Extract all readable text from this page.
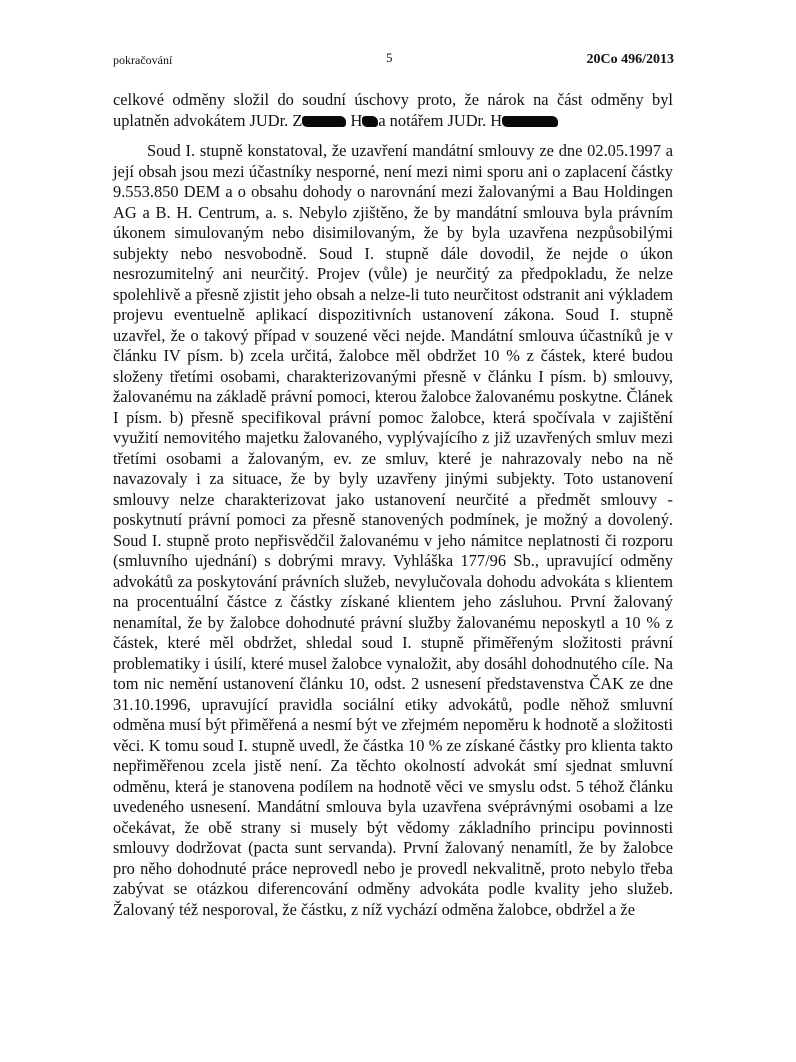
pokračování	5	20Co 496/2013

celkové odměny složil do soudní úschovy proto, že nárok na část odměny byl
uplatněn advokátem JUDr. Z	H a notářem JUDr. H

Soud I. stupně konstatoval, že uzavření mandátní smlouvy ze dne 02.05.1997 a její obsah jsou mezi účastníky nesporné, není mezi nimi sporu ani o zaplacení částky 9.553.850 DEM a o obsahu dohody o narovnání mezi žalovanými a Bau Holdingen AG a B. H. Centrum, a. s. Nebylo zjištěno, že by mandátní smlouva byla právním úkonem simulovaným nebo disimilovaným, že by byla uzavřena nezpůsobilými subjekty nebo nesvobodně. Soud I. stupně dále dovodil, že nejde o úkon nesrozumitelný ani neurčitý. Projev (vůle) je neurčitý za předpokladu, že nelze spolehlivě a přesně zjistit jeho obsah a nelze-li tuto neurčitost odstranit ani výkladem projevu eventuelně aplikací dispozitivních ustanovení zákona. Soud I. stupně uzavřel, že o takový případ v souzené věci nejde. Mandátní smlouva účastníků je v článku IV písm. b) zcela určitá, žalobce měl obdržet 10 % z částek, které budou složeny třetími osobami, charakterizovanými přesně v článku I písm. b) smlouvy, žalovanému na základě právní pomoci, kterou žalobce žalovanému poskytne. Článek I písm. b) přesně specifikoval právní pomoc žalobce, která spočívala v zajištění využití nemovitého majetku žalovaného, vyplývajícího z již uzavřených smluv mezi třetími osobami a žalovaným, ev. ze smluv, které je nahrazovaly nebo na ně navazovaly i za situace, že by byly uzavřeny jinými subjekty. Toto ustanovení smlouvy nelze charakterizovat jako ustanovení neurčité a předmět smlouvy - poskytnutí právní pomoci za přesně stanovených podmínek, je možný a dovolený. Soud I. stupně proto nepřisvědčil žalovanému v jeho námitce neplatnosti či rozporu (smluvního ujednání) s dobrými mravy. Vyhláška 177/96 Sb., upravující odměny advokátů za poskytování právních služeb, nevylučovala dohodu advokáta s klientem na procentuální částce z částky získané klientem jeho zásluhou. První žalovaný nenamítal, že by žalobce dohodnuté právní služby žalovanému neposkytl a 10 % z částek, které měl obdržet, shledal soud I. stupně přiměřeným složitosti právní problematiky i úsilí, které musel žalobce vynaložit, aby dosáhl dohodnutého cíle. Na tom nic nemění ustanovení článku 10, odst. 2 usnesení představenstva ČAK ze dne 31.10.1996, upravující pravidla sociální etiky advokátů, podle něhož smluvní odměna musí být přiměřená a nesmí být ve zřejmém nepoměru k hodnotě a složitosti věci. K tomu soud I. stupně uvedl, že částka 10 % ze získané částky pro klienta takto nepřiměřenou zcela jistě není. Za těchto okolností advokát smí sjednat smluvní odměnu, která je stanovena podílem na hodnotě věci ve smyslu odst. 5 téhož článku uvedeného usnesení. Mandátní smlouva byla uzavřena svéprávnými osobami a lze očekávat, že obě strany si musely být vědomy základního principu povinnosti smlouvy dodržovat (pacta sunt servanda). První žalovaný nenamítl, že by žalobce pro něho dohodnuté práce neprovedl nebo je provedl nekvalitně, proto nebylo třeba zabývat se otázkou diferencování odměny advokáta podle kvality jeho služeb. Žalovaný též nesporoval, že částku, z níž vychází odměna žalobce, obdržel a že
